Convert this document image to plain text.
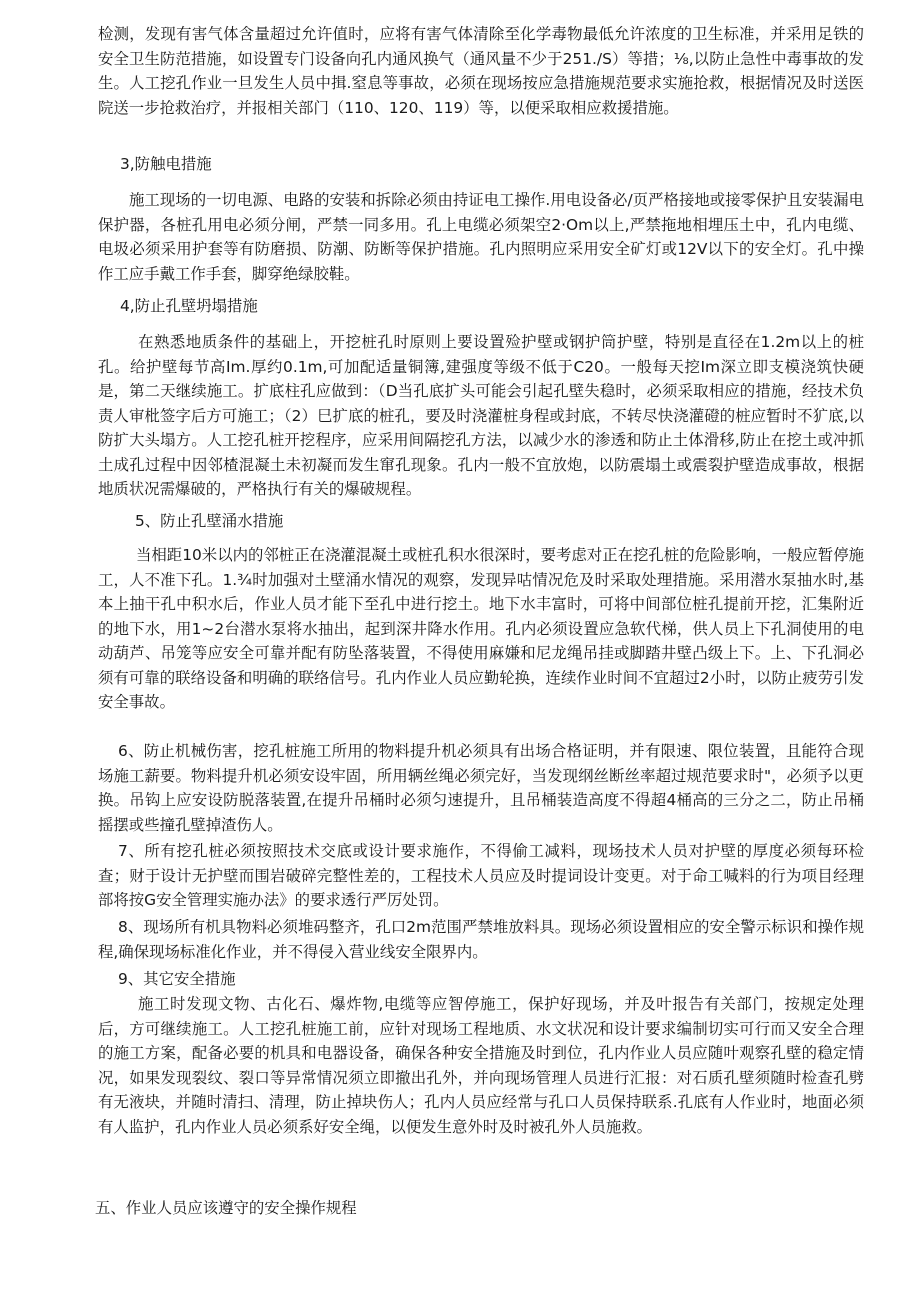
检测，发现有害气体含量超过允许值时，应将有害气体清除至化学毒物最低允许浓度的卫生标准，并采用足铁的安全卫生防范措施，如设置专门设备向孔内通风换气（通风量不少于251./S）等措；⅛,以防止急性中毒事故的发生。人工挖孔作业一旦发生人员中揖.窒息等事故，必须在现场按应急措施规范要求实施抢救，根据情况及时送医院送一步抢救治疗，并报相关部门（110、120、119）等，以便采取相应救援措施。

3,防触电措施

施工现场的一切电源、电路的安装和拆除必须由持证电工操作.用电设备必/页严格接地或接零保护且安装漏电保护器，各桩孔用电必须分闸，严禁一同多用。孔上电缆必须架空2·Om以上,严禁拖地相埋压土中，孔内电缆、电圾必须采用护套等有防磨损、防潮、防断等保护措施。孔内照明应采用安全矿灯或12V以下的安全灯。孔中操作工应手戴工作手套，脚穿绝绿胶鞋。

4,防止孔壁坍塌措施

在熟悉地质条件的基础上，开挖桩孔时原则上要设置殓护壁或钢护筒护壁，特别是直径在1.2m以上的桩孔。给护壁每节高Im.厚约0.1m,可加配适量铜簿,建强度等级不低于C20。一般每天挖Im深立即支模浇筑快硬是，第二天继续施工。扩底柱孔应做到：（D当孔底扩头可能会引起孔壁失稳时，必须采取相应的措施，经技术负责人审枇签字后方可施工；（2）巳扩底的桩孔，要及时浇灌桩身程或封底，不转尽快浇灌磴的桩应暂时不犷底,以防扩大头塌方。人工挖孔桩开挖程序，应采用间隔挖孔方法，以减少水的渗透和防止土体滑移,防止在挖土或冲抓土成孔过程中因邻楂混凝土未初凝而发生窜孔现象。孔内一般不宜放炮，以防震塌土或震裂护壁造成事故，根据地质状况需爆破的，严格执行有关的爆破规程。

5、防止孔壁涌水措施

当相距10米以内的邻桩正在浇灌混凝土或桩孔积水很深时，要考虑对正在挖孔桩的危险影响，一般应暂停施工，人不准下孔。1.¾时加强对土壁涌水情况的观察，发现异咕情况危及时采取处理措施。采用潜水泵抽水时,基本上抽干孔中积水后，作业人员才能下至孔中进行挖土。地下水丰富时，可将中间部位桩孔提前开挖，汇集附近的地下水，用1~2台潜水泵将水抽出，起到深井降水作用。孔内必须设置应急软代梯，供人员上下孔洞使用的电动葫芦、吊笼等应安全可靠并配有防坠落装置，不得使用麻嫌和尼龙绳吊挂或脚踏井壁凸级上下。上、下孔洞必须有可靠的联络设备和明确的联络信号。孔内作业人员应勤轮换，连续作业时间不宜超过2小时，以防止疲劳引发安全事故。

6、防止机械伤害，挖孔桩施工所用的物料提升机必须具有出场合格证明，并有限速、限位装置，且能符合现场施工薪要。物料提升机必须安设牢固，所用辆丝绳必须完好，当发现纲丝断丝率超过规范要求时"，必须予以更换。吊钩上应安设防脱落装置,在提升吊桶时必须匀速提升，且吊桶装造高度不得超4桶高的三分之二，防止吊桶摇摆或些撞孔壁掉渣伤人。

7、所有挖孔桩必须按照技术交底或设计要求施作，不得偷工减料，现场技术人员对护壁的厚度必须每环检查；财于设计无护壁而围岩破碎完整性差的，工程技术人员应及时提词设计变更。对于命工喊料的行为项目经理部将按G安全管理实施办法》的要求透行严厉处罚。

8、现场所有机具物料必须堆码整齐，孔口2m范围严禁堆放料具。现场必须设置相应的安全警示标识和操作规程,确保现场标准化作业，并不得侵入营业线安全限界内。

9、其它安全措施

施工时发现文物、古化石、爆炸物,电缆等应智停施工，保护好现场，并及叶报告有关部门，按规定处理后，方可继续施工。人工挖孔桩施工前，应针对现场工程地质、水文状况和设计要求编制切实可行而又安全合理的施工方案，配备必要的机具和电器设备，确保各种安全措施及时到位，孔内作业人员应随叶观察孔壁的稳定情况，如果发现裂纹、裂口等异常情况须立即撤出孔外，并向现场管理人员进行汇报：对石质孔壁须随时检查孔劈有无液块，并随时清扫、清理，防止掉块伤人；孔内人员应经常与孔口人员保持联系.孔底有人作业时，地面必须有人监护，孔内作业人员必须系好安全绳，以便发生意外时及时被孔外人员施救。

五、作业人员应该遵守的安全操作规程
